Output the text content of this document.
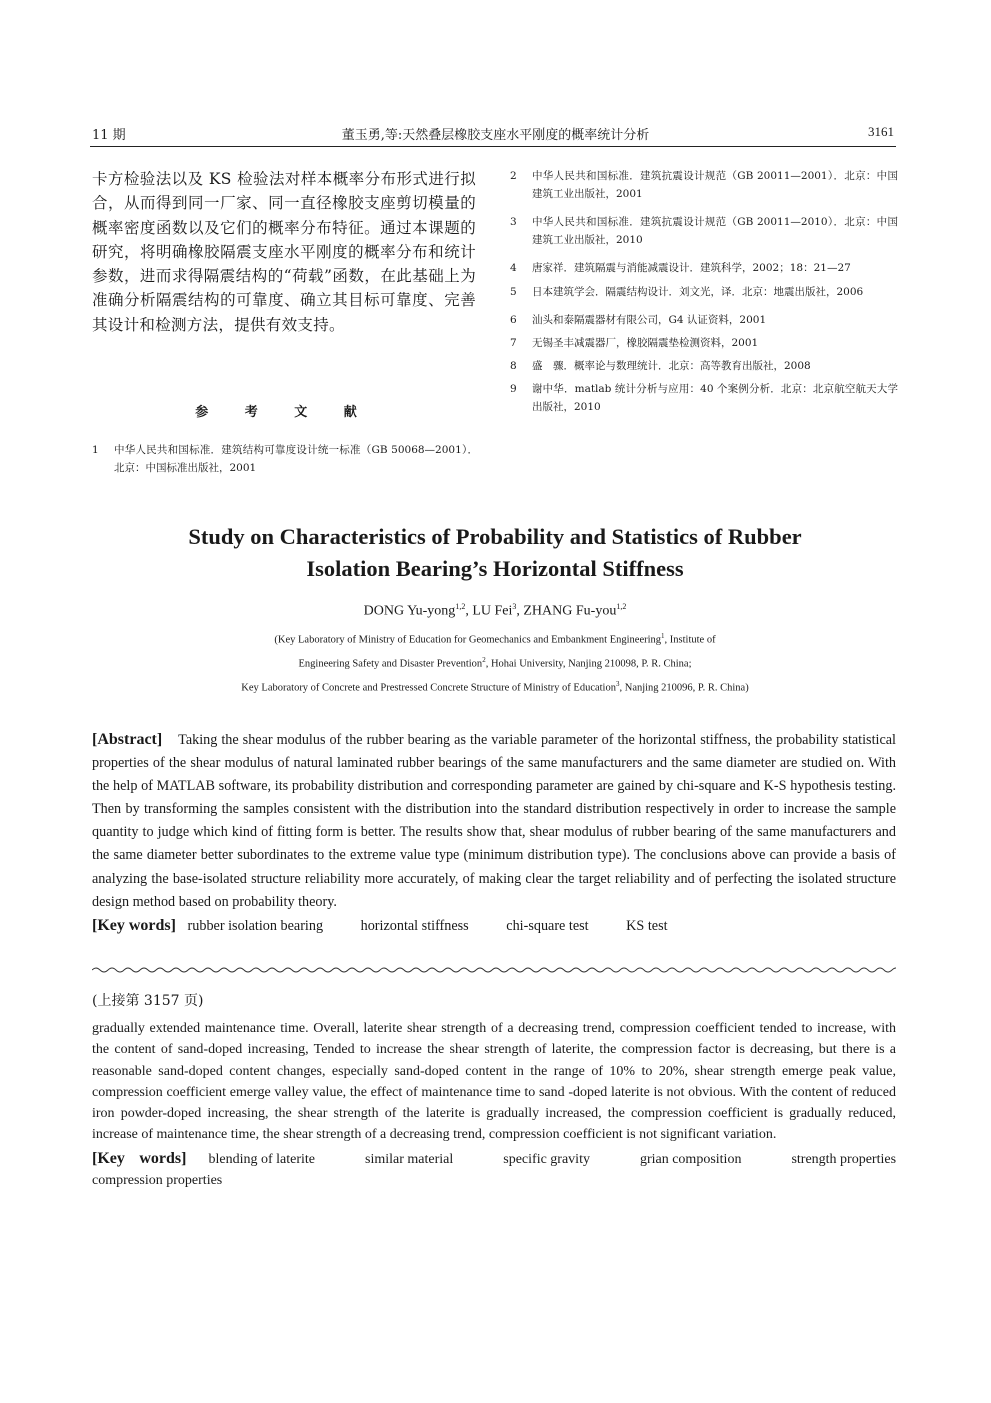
11 期	董玉勇,等:天然叠层橡胶支座水平刚度的概率统计分析	3161
卡方检验法以及 KS 检验法对样本概率分布形式进行拟合，从而得到同一厂家、同一直径橡胶支座剪切模量的概率密度函数以及它们的概率分布特征。通过本课题的研究，将明确橡胶隔震支座水平刚度的概率分布和统计参数，进而求得隔震结构的“荷载”函数，在此基础上为准确分析隔震结构的可靠度、确立其目标可靠度、完善其设计和检测方法，提供有效支持。
参 考 文 献
1	中华人民共和国标准．建筑结构可靠度设计统一标准（GB 50068—2001）．北京：中国标准出版社，2001
2	中华人民共和国标准．建筑抗震设计规范（GB 20011—2001）．北京：中国建筑工业出版社，2001
3	中华人民共和国标准．建筑抗震设计规范（GB 20011—2010）．北京：中国建筑工业出版社，2010
4	唐家祥．建筑隔震与消能减震设计．建筑科学，2002；18：21—27
5	日本建筑学会．隔震结构设计．刘文光，译．北京：地震出版社，2006
6	汕头和泰隔震器材有限公司，G4 认证资料，2001
7	无锡圣丰减震器厂，橡胶隔震垫检测资料，2001
8	盛　骤．概率论与数理统计．北京：高等教育出版社，2008
9	谢中华．matlab 统计分析与应用：40 个案例分析．北京：北京航空航天大学出版社，2010
Study on Characteristics of Probability and Statistics of Rubber
Isolation Bearing’s Horizontal Stiffness
DONG Yu-yong$^{1,2}$, LU Fei$^3$, ZHANG Fu-you$^{1,2}$
(Key Laboratory of Ministry of Education for Geomechanics and Embankment Engineering$^1$, Institute of
Engineering Safety and Disaster Prevention$^2$, Hohai University, Nanjing 210098, P. R. China;
Key Laboratory of Concrete and Prestressed Concrete Structure of Ministry of Education$^3$, Nanjing 210096, P. R. China)
[Abstract] Taking the shear modulus of the rubber bearing as the variable parameter of the horizontal stiffness, the probability statistical properties of the shear modulus of natural laminated rubber bearings of the same manufacturers and the same diameter are studied on. With the help of MATLAB software, its probability distribution and corresponding parameter are gained by chi-square and K-S hypothesis testing. Then by transforming the samples consistent with the distribution into the standard distribution respectively in order to increase the sample quantity to judge which kind of fitting form is better. The results show that, shear modulus of rubber bearing of the same manufacturers and the same diameter better subordinates to the extreme value type (minimum distribution type). The conclusions above can provide a basis of analyzing the base-isolated structure reliability more accurately, of making clear the target reliability and of perfecting the isolated structure design method based on probability theory.
[Key words] rubber isolation bearing	horizontal stiffness	chi-square test	KS test
(上接第 3157 页)
gradually extended maintenance time. Overall, laterite shear strength of a decreasing trend, compression coefficient tended to increase, with the content of sand-doped increasing, Tended to increase the shear strength of laterite, the compression factor is decreasing, but there is a reasonable sand-doped content changes, especially sand-doped content in the range of 10% to 20%, shear strength emerge peak value, compression coefficient emerge valley value, the effect of maintenance time to sand -doped laterite is not obvious. With the content of reduced iron powder-doped increasing, the shear strength of the laterite is gradually increased, the compression coefficient is gradually reduced, increase of maintenance time, the shear strength of a decreasing trend, compression coefficient is not significant variation.
[Key words] blending of laterite	similar material	specific gravity	grian composition	strength properties compression properties
